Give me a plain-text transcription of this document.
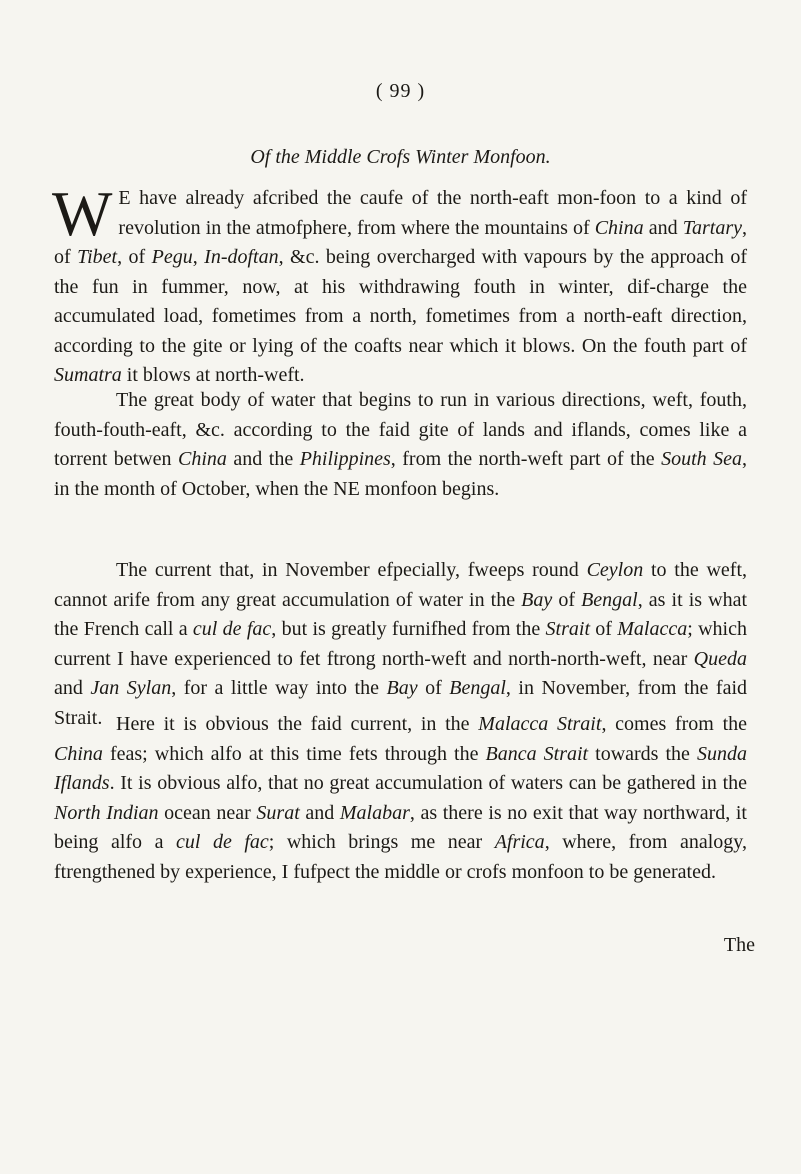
( 99 )
Of the Middle Crofs Winter Monfoon.

W E have already afcribed the caufe of the north-eaft mon-foon to a kind of revolution in the atmofphere, from where the mountains of China and Tartary, of Tibet, of Pegu, In-doftan, &c. being overcharged with vapours by the approach of the fun in fummer, now, at his withdrawing fouth in winter, dif-charge the accumulated load, fometimes from a north, fometimes from a north-eaft direction, according to the gite or lying of the coafts near which it blows. On the fouth part of Sumatra it blows at north-weft.

The great body of water that begins to run in various directions, weft, fouth, fouth-fouth-eaft, &c. according to the faid gite of lands and iflands, comes like a torrent betwen China and the Philippines, from the north-weft part of the South Sea, in the month of October, when the NE monfoon begins.

The current that, in November efpecially, fweeps round Ceylon to the weft, cannot arife from any great accumulation of water in the Bay of Bengal, as it is what the French call a cul de fac, but is greatly furnifhed from the Strait of Malacca; which current I have experienced to fet ftrong north-weft and north-north-weft, near Queda and Jan Sylan, for a little way into the Bay of Bengal, in November, from the faid Strait. Here it is obvious the faid current, in the Malacca Strait, comes from the China feas; which alfo at this time fets through the Banca Strait towards the Sunda Iflands. It is obvious alfo, that no great accumulation of waters can be gathered in the North Indian ocean near Surat and Malabar, as there is no exit that way northward, it being alfo a cul de fac; which brings me near Africa, where, from analogy, ftrengthened by experience, I fufpect the middle or crofs monfoon to be generated.

The
